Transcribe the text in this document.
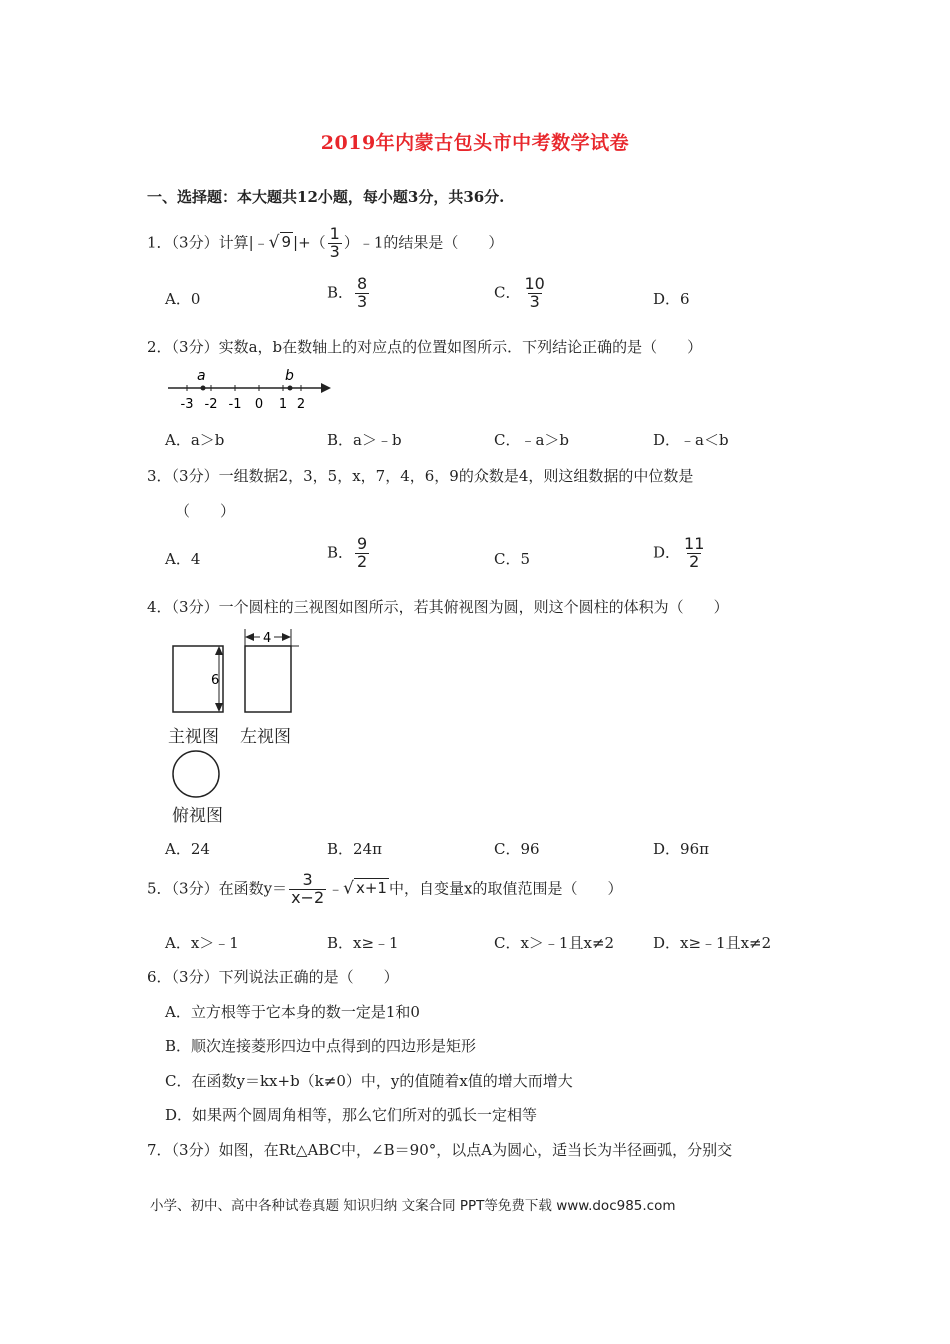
2019年内蒙古包头市中考数学试卷
一、选择题：本大题共12小题，每小题3分，共36分.
1．（3分）计算|﹣√ 9 |+（ $\frac{1}{3}$ ）﹣1的结果是（　　）
A．0	B． $\frac{8}{3}$	C． $\frac{10}{3}$	D．6
2．（3分）实数a，b在数轴上的对应点的位置如图所示．下列结论正确的是（　　）
a	b
-3 -2 -1 0 1 2
A．a＞b	B．a＞﹣b	C．﹣a＞b	D．﹣a＜b
3．（3分）一组数据2，3，5，x，7，4，6，9的众数是4，则这组数据的中位数是
（　　）
A．4	B． $\frac{9}{2}$	C．5	D． $\frac{11}{2}$
4．（3分）一个圆柱的三视图如图所示，若其俯视图为圆，则这个圆柱的体积为（　　）
6
4
主视图 左视图
俯视图
A．24	B．24π	C．96	D．96π
5．（3分）在函数$y= \frac{3}{x-2}$ ﹣√ x+1 中，自变量x的取值范围是（　　）
A．x＞﹣1	B．x≥﹣1	C．x＞﹣1且x≠2	D．x≥﹣1且x≠2
6．（3分）下列说法正确的是（　　）
A．立方根等于它本身的数一定是1和0
B．顺次连接菱形四边中点得到的四边形是矩形
C．在函数y＝kx+b（k≠0）中，y的值随着x值的增大而增大
D．如果两个圆周角相等，那么它们所对的弧长一定相等
7．（3分）如图，在Rt△ABC中，∠B＝90°，以点A为圆心，适当长为半径画弧，分别交
小学、初中、高中各种试卷真题 知识归纳 文案合同 PPT等免费下载 www.doc985.com
